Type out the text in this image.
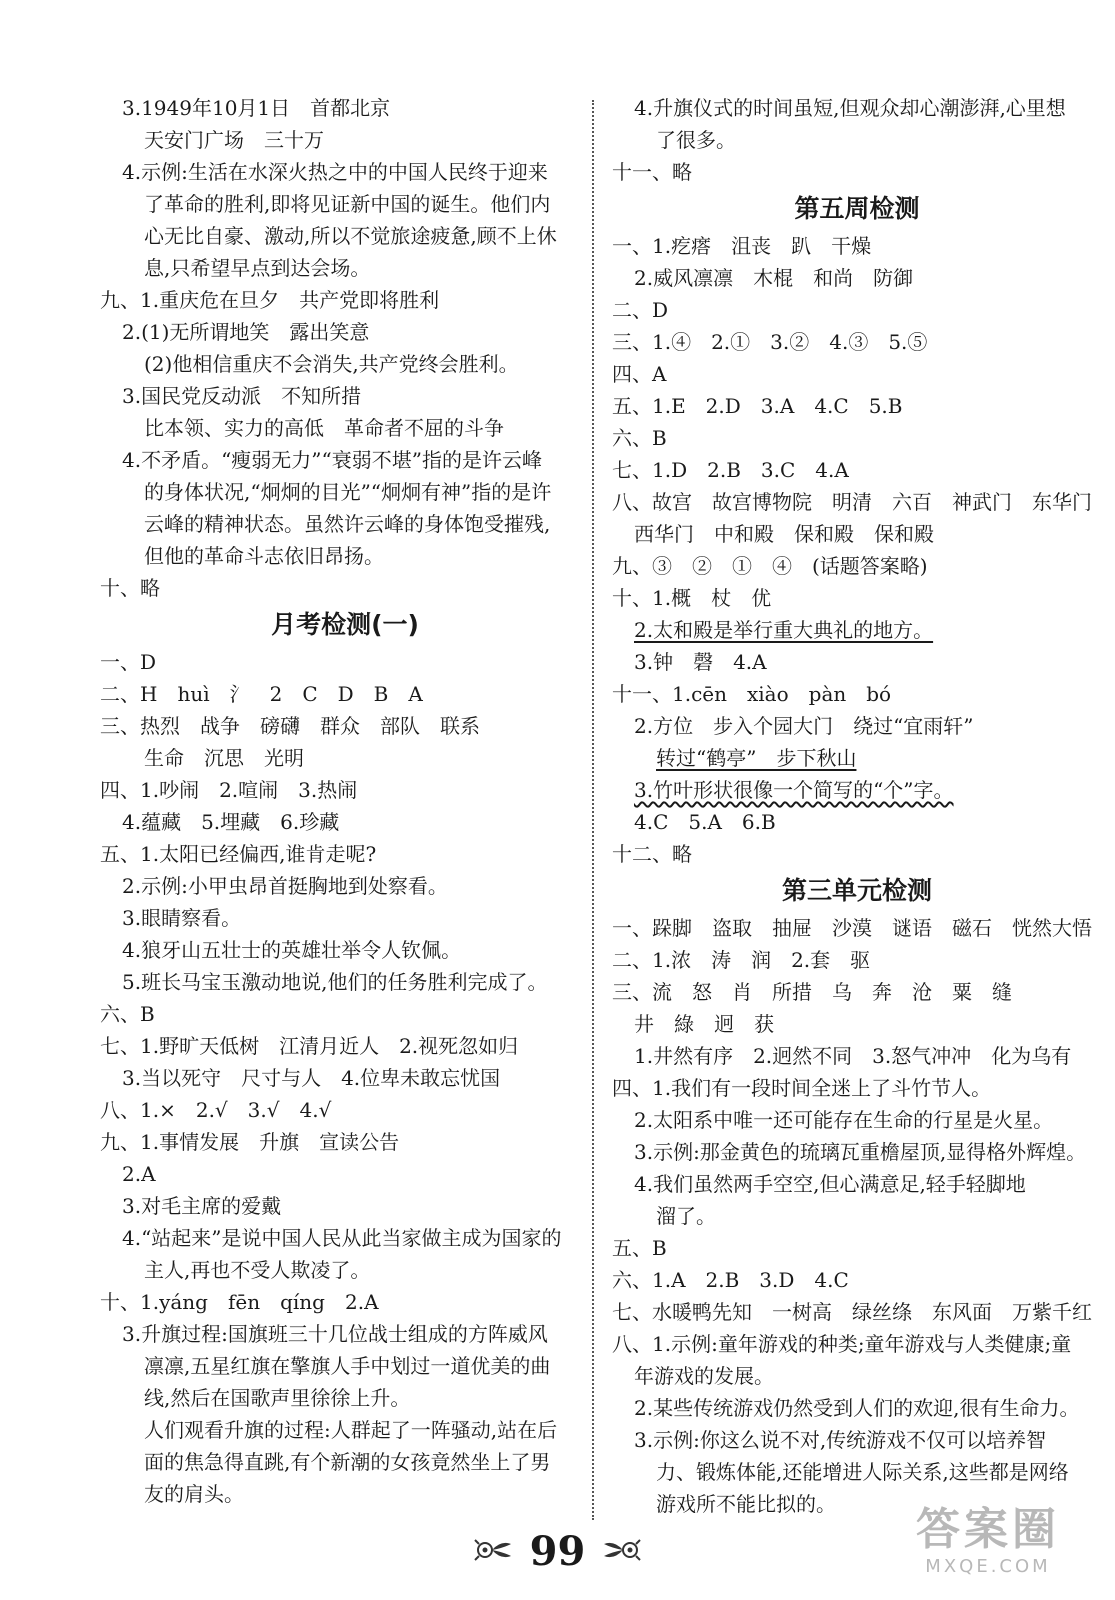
3.1949年10月1日　首都北京
天安门广场　三十万
4.示例:生活在水深火热之中的中国人民终于迎来
了革命的胜利,即将见证新中国的诞生。他们内
心无比自豪、激动,所以不觉旅途疲惫,顾不上休
息,只希望早点到达会场。
九、1.重庆危在旦夕　共产党即将胜利
2.(1)无所谓地笑　露出笑意
(2)他相信重庆不会消失,共产党终会胜利。
3.国民党反动派　不知所措
比本领、实力的高低　革命者不屈的斗争
4.不矛盾。“瘦弱无力”“衰弱不堪”指的是许云峰
的身体状况,“炯炯的目光”“炯炯有神”指的是许
云峰的精神状态。虽然许云峰的身体饱受摧残,
但他的革命斗志依旧昂扬。
十、略
月考检测(一)
一、D
二、H　huì　氵　2　C　D　B　A
三、热烈　战争　磅礴　群众　部队　联系
生命　沉思　光明
四、1.吵闹　2.喧闹　3.热闹
4.蕴藏　5.埋藏　6.珍藏
五、1.太阳已经偏西,谁肯走呢?
2.示例:小甲虫昂首挺胸地到处察看。
3.眼睛察看。
4.狼牙山五壮士的英雄壮举令人钦佩。
5.班长马宝玉激动地说,他们的任务胜利完成了。
六、B
七、1.野旷天低树　江清月近人　2.视死忽如归
3.当以死守　尺寸与人　4.位卑未敢忘忧国
八、1.×　2.√　3.√　4.√
九、1.事情发展　升旗　宣读公告
2.A
3.对毛主席的爱戴
4.“站起来”是说中国人民从此当家做主成为国家的
主人,再也不受人欺凌了。
十、1.yáng　fēn　qíng　2.A
3.升旗过程:国旗班三十几位战士组成的方阵威风
凛凛,五星红旗在擎旗人手中划过一道优美的曲
线,然后在国歌声里徐徐上升。
人们观看升旗的过程:人群起了一阵骚动,站在后
面的焦急得直跳,有个新潮的女孩竟然坐上了男
友的肩头。
4.升旗仪式的时间虽短,但观众却心潮澎湃,心里想
了很多。
十一、略
第五周检测
一、1.疙瘩　沮丧　趴　干燥
2.威风凛凛　木棍　和尚　防御
二、D
三、1.④　2.①　3.②　4.③　5.⑤
四、A
五、1.E　2.D　3.A　4.C　5.B
六、B
七、1.D　2.B　3.C　4.A
八、故宫　故宫博物院　明清　六百　神武门　东华门
西华门　中和殿　保和殿　保和殿
九、③　②　①　④　(话题答案略)
十、1.概　杖　优
2.太和殿是举行重大典礼的地方。
3.钟　磬　4.A
十一、1.cēn　xiào　pàn　bó
2.方位　步入个园大门　绕过“宜雨轩”
转过“鹤亭”　步下秋山
3.竹叶形状很像一个简写的“个”字。
4.C　5.A　6.B
十二、略
第三单元检测
一、跺脚　盗取　抽屉　沙漠　谜语　磁石　恍然大悟
二、1.浓　涛　润　2.套　驱
三、流　怒　肖　所措　乌　奔　沧　粟　缝
井　綠　迥　获
1.井然有序　2.迥然不同　3.怒气冲冲　化为乌有
四、1.我们有一段时间全迷上了斗竹节人。
2.太阳系中唯一还可能存在生命的行星是火星。
3.示例:那金黄色的琉璃瓦重檐屋顶,显得格外辉煌。
4.我们虽然两手空空,但心满意足,轻手轻脚地
溜了。
五、B
六、1.A　2.B　3.D　4.C
七、水暖鸭先知　一树高　绿丝绦　东风面　万紫千红
八、1.示例:童年游戏的种类;童年游戏与人类健康;童
年游戏的发展。
2.某些传统游戏仍然受到人们的欢迎,很有生命力。
3.示例:你这么说不对,传统游戏不仅可以培养智
力、锻炼体能,还能增进人际关系,这些都是网络
游戏所不能比拟的。
99	答案圈
MXQE.COM
